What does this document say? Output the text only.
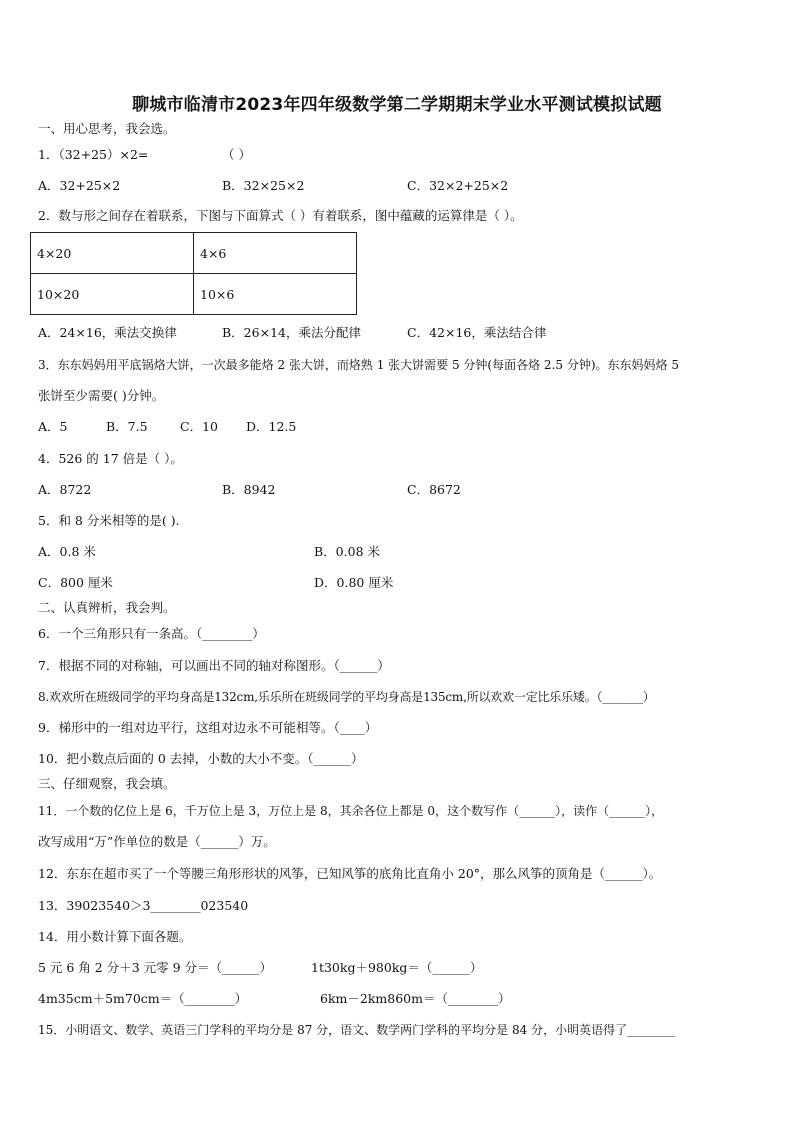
聊城市临清市2023年四年级数学第二学期期末学业水平测试模拟试题
一、用心思考，我会选。
1．（32+25）×2=	（ ）
A．32+25×2	B．32×25×2	C．32×2+25×2
2．数与形之间存在着联系，下图与下面算式（ ）有着联系，图中蕴藏的运算律是（ ）。
4×20	4×6
10×20	10×6
A．24×16，乘法交换律	B．26×14，乘法分配律	C．42×16，乘法结合律
3．东东妈妈用平底锅烙大饼，一次最多能烙 2 张大饼，而烙熟 1 张大饼需要 5 分钟(每面各烙 2.5 分钟)。东东妈妈烙 5
张饼至少需要( )分钟。
A．5	B．7.5	C．10 D．12.5
4．526 的 17 倍是（ ）。
A．8722	B．8942	C．8672
5．和 8 分米相等的是( ).
A．0.8 米	B．0.08 米
C．800 厘米	D．0.80 厘米
二、认真辨析，我会判。
6．一个三角形只有一条高。（________）
7．根据不同的对称轴，可以画出不同的轴对称图形。（______）
8.欢欢所在班级同学的平均身高是132cm,乐乐所在班级同学的平均身高是135cm,所以欢欢一定比乐乐矮。（_______）
9．梯形中的一组对边平行，这组对边永不可能相等。（____）
10．把小数点后面的 0 去掉，小数的大小不变。（______）
三、仔细观察，我会填。
11．一个数的亿位上是 6，千万位上是 3，万位上是 8，其余各位上都是 0，这个数写作（______），读作（______），
改写成用“万”作单位的数是（______）万。
12．东东在超市买了一个等腰三角形形状的风筝，已知风筝的底角比直角小 20°，那么风筝的顶角是（______）。
13．39023540＞3________023540
14．用小数计算下面各题。
5 元 6 角 2 分＋3 元零 9 分＝（______）	1t30kg＋980kg＝（______）
4m35cm＋5m70cm＝（________）	6km－2km860m＝（________）
15．小明语文、数学、英语三门学科的平均分是 87 分，语文、数学两门学科的平均分是 84 分，小明英语得了________
